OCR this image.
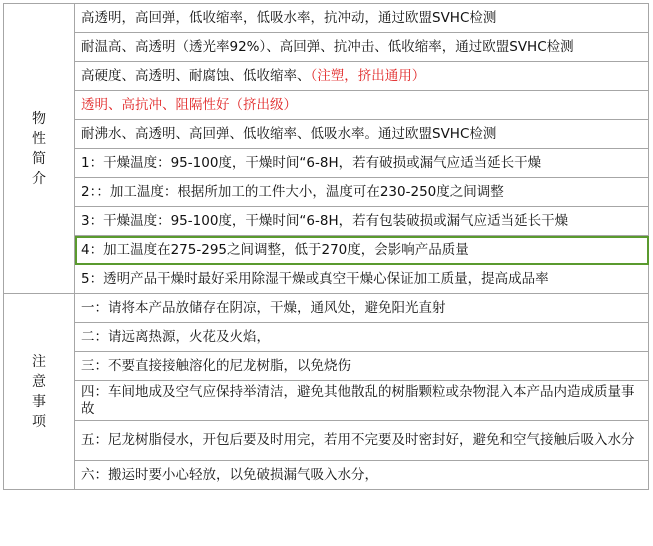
物性简介	高透明，高回弹，低收缩率，低吸水率，抗冲动，通过欧盟SVHC检测
	耐温高、高透明（透光率92%）、高回弹、抗冲击、低收缩率，通过欧盟SVHC检测
	高硬度、高透明、耐腐蚀、低收缩率、（注塑，挤出通用）
	透明、高抗冲、阻隔性好（挤出级）
	耐沸水、高透明、高回弹、低收缩率、低吸水率。通过欧盟SVHC检测
	1：干燥温度：95-100度，干燥时间“6-8H，若有破损或漏气应适当延长干燥
	2：：加工温度：根据所加工的工件大小，温度可在230-250度之间调整
	3：干燥温度：95-100度，干燥时间“6-8H，若有包装破损或漏气应适当延长干燥
	4：加工温度在275-295之间调整，低于270度，会影响产品质量
	5：透明产品干燥时最好采用除湿干燥或真空干燥心保证加工质量，提高成品率
注意事项	一：请将本产品放储存在阴凉，干燥，通风处，避免阳光直射
	二：请远离热源，火花及火焰，
	三：不要直接接触溶化的尼龙树脂，以免烧伤
	四：车间地成及空气应保持举清洁，避免其他散乱的树脂颗粒或杂物混入本产品内造成质量事故
	五：尼龙树脂侵水，开包后要及时用完，若用不完要及时密封好，避免和空气接触后吸入水分
	六：搬运时要小心轻放，以免破损漏气吸入水分，
